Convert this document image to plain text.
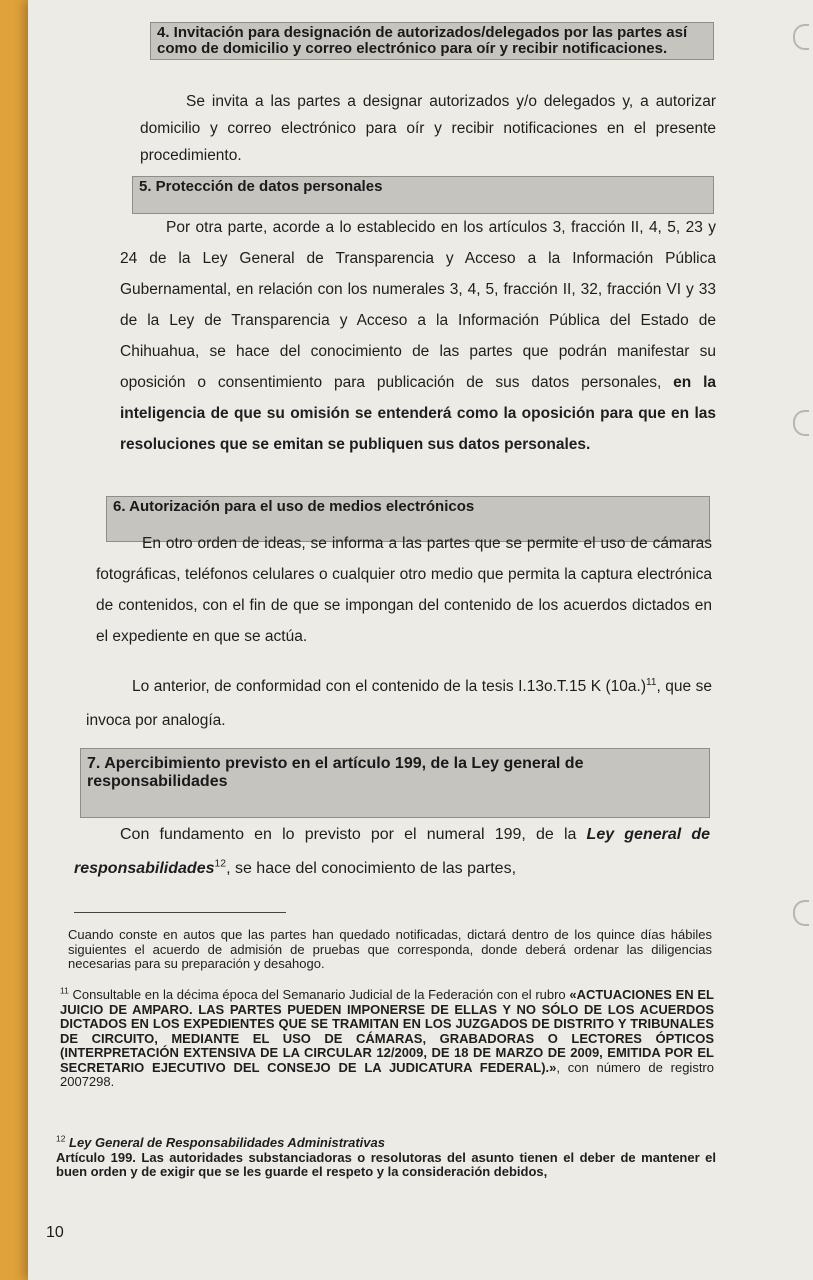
4. Invitación para designación de autorizados/delegados por las partes así como de domicilio y correo electrónico para oír y recibir notificaciones.

Se invita a las partes a designar autorizados y/o delegados y, a autorizar domicilio y correo electrónico para oír y recibir notificaciones en el presente procedimiento.

5. Protección de datos personales

Por otra parte, acorde a lo establecido en los artículos 3, fracción II, 4, 5, 23 y 24 de la Ley General de Transparencia y Acceso a la Información Pública Gubernamental, en relación con los numerales 3, 4, 5, fracción II, 32, fracción VI y 33 de la Ley de Transparencia y Acceso a la Información Pública del Estado de Chihuahua, se hace del conocimiento de las partes que podrán manifestar su oposición o consentimiento para publicación de sus datos personales, en la inteligencia de que su omisión se entenderá como la oposición para que en las resoluciones que se emitan se publiquen sus datos personales.

6. Autorización para el uso de medios electrónicos

En otro orden de ideas, se informa a las partes que se permite el uso de cámaras fotográficas, teléfonos celulares o cualquier otro medio que permita la captura electrónica de contenidos, con el fin de que se impongan del contenido de los acuerdos dictados en el expediente en que se actúa.

Lo anterior, de conformidad con el contenido de la tesis I.13o.T.15 K $(10a.)^{11}$, que se invoca por analogía.

7. Apercibimiento previsto en el artículo 199, de la Ley general de responsabilidades

Con fundamento en lo previsto por el numeral 199, de la Ley general de responsabilidades$^{12}$, se hace del conocimiento de las partes,

Cuando conste en autos que las partes han quedado notificadas, dictará dentro de los quince días hábiles siguientes el acuerdo de admisión de pruebas que corresponda, donde deberá ordenar las diligencias necesarias para su preparación y desahogo.

$^{11}$ Consultable en la décima época del Semanario Judicial de la Federación con el rubro «ACTUACIONES EN EL JUICIO DE AMPARO. LAS PARTES PUEDEN IMPONERSE DE ELLAS Y NO SÓLO DE LOS ACUERDOS DICTADOS EN LOS EXPEDIENTES QUE SE TRAMITAN EN LOS JUZGADOS DE DISTRITO Y TRIBUNALES DE CIRCUITO, MEDIANTE EL USO DE CÁMARAS, GRABADORAS O LECTORES ÓPTICOS (INTERPRETACIÓN EXTENSIVA DE LA CIRCULAR 12/2009, DE 18 DE MARZO DE 2009, EMITIDA POR EL SECRETARIO EJECUTIVO DEL CONSEJO DE LA JUDICATURA FEDERAL).», con número de registro 2007298.

$^{12}$ Ley General de Responsabilidades Administrativas
Artículo 199. Las autoridades substanciadoras o resolutoras del asunto tienen el deber de mantener el buen orden y de exigir que se les guarde el respeto y la consideración debidos,

10
